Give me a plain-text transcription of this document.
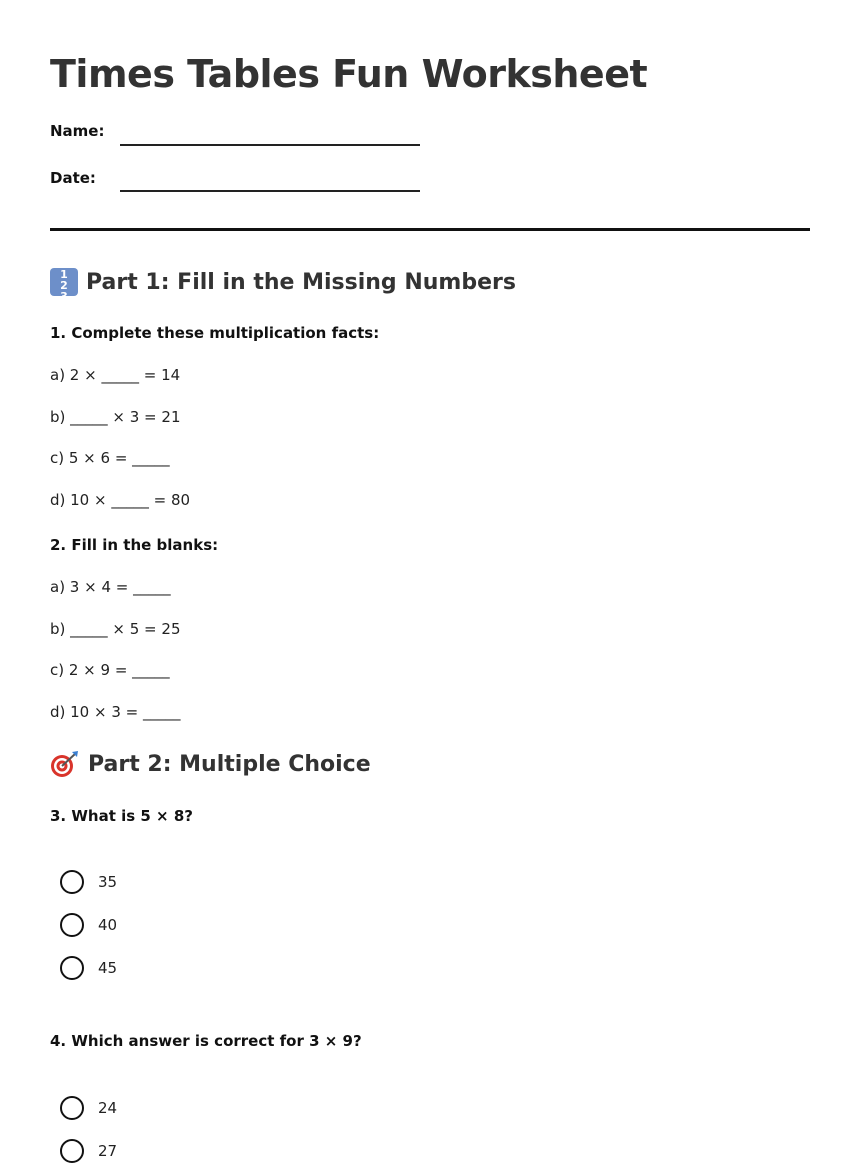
Times Tables Fun Worksheet
Name:
Date:
1
2
3
4
Part 1: Fill in the Missing Numbers

1. Complete these multiplication facts:

a) 2 × _____ = 14
b) _____ × 3 = 21
c) 5 × 6 = _____
d) 10 × _____ = 80

2. Fill in the blanks:

a) 3 × 4 = _____
b) _____ × 5 = 25
c) 2 × 9 = _____
d) 10 × 3 = _____
Part 2: Multiple Choice

3. What is 5 × 8?

35
40
45

4. Which answer is correct for 3 × 9?

24
27
